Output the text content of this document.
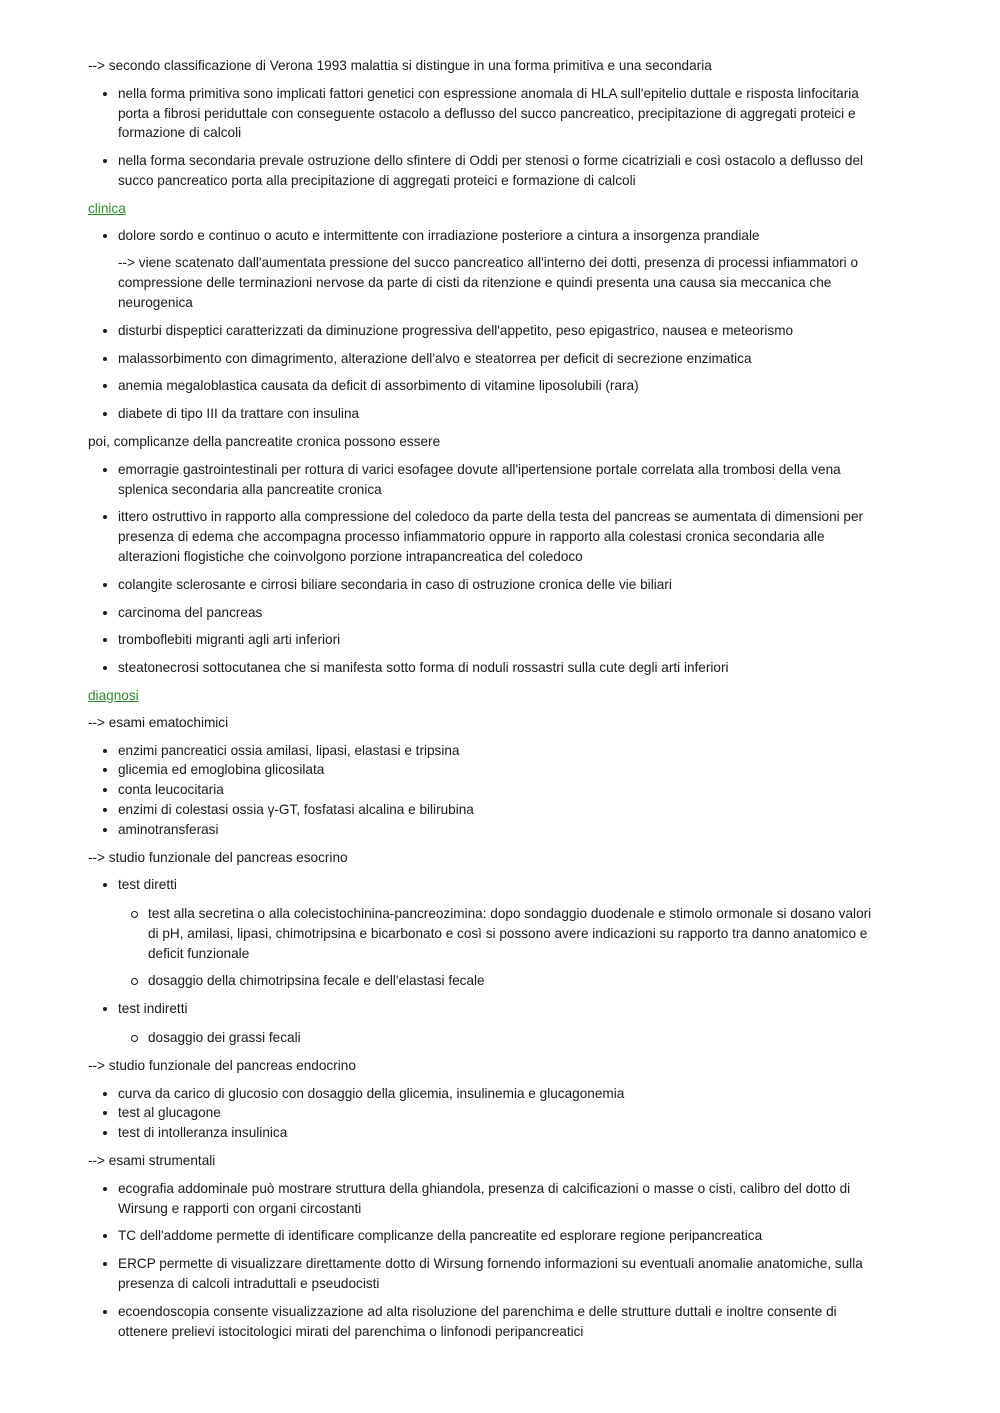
--> secondo classificazione di Verona 1993 malattia si distingue in una forma primitiva e una secondaria

nella forma primitiva sono implicati fattori genetici con espressione anomala di HLA sull'epitelio duttale e risposta linfocitaria porta a fibrosi periduttale con conseguente ostacolo a deflusso del succo pancreatico, precipitazione di aggregati proteici e formazione di calcoli
nella forma secondaria prevale ostruzione dello sfintere di Oddi per stenosi o forme cicatriziali e così ostacolo a deflusso del succo pancreatico porta alla precipitazione di aggregati proteici e formazione di calcoli

clinica

dolore sordo e continuo o acuto e intermittente con irradiazione posteriore a cintura a insorgenza prandiale

--> viene scatenato dall'aumentata pressione del succo pancreatico all'interno dei dotti, presenza di processi infiammatori o compressione delle terminazioni nervose da parte di cisti da ritenzione e quindi presenta una causa sia meccanica che neurogenica

disturbi dispeptici caratterizzati da diminuzione progressiva dell'appetito, peso epigastrico, nausea e meteorismo
malassorbimento con dimagrimento, alterazione dell'alvo e steatorrea per deficit di secrezione enzimatica
anemia megaloblastica causata da deficit di assorbimento di vitamine liposolubili (rara)
diabete di tipo III da trattare con insulina

poi, complicanze della pancreatite cronica possono essere

emorragie gastrointestinali per rottura di varici esofagee dovute all'ipertensione portale correlata alla trombosi della vena splenica secondaria alla pancreatite cronica
ittero ostruttivo in rapporto alla compressione del coledoco da parte della testa del pancreas se aumentata di dimensioni per presenza di edema che accompagna processo infiammatorio oppure in rapporto alla colestasi cronica secondaria alle alterazioni flogistiche che coinvolgono porzione intrapancreatica del coledoco
colangite sclerosante e cirrosi biliare secondaria in caso di ostruzione cronica delle vie biliari
carcinoma del pancreas
tromboflebiti migranti agli arti inferiori
steatonecrosi sottocutanea che si manifesta sotto forma di noduli rossastri sulla cute degli arti inferiori

diagnosi

--> esami ematochimici

enzimi pancreatici ossia amilasi, lipasi, elastasi e tripsina
glicemia ed emoglobina glicosilata
conta leucocitaria
enzimi di colestasi ossia γ-GT, fosfatasi alcalina e bilirubina
aminotransferasi

--> studio funzionale del pancreas esocrino

test diretti
test alla secretina o alla colecistochinina-pancreozimina: dopo sondaggio duodenale e stimolo ormonale si dosano valori di pH, amilasi, lipasi, chimotripsina e bicarbonato e così si possono avere indicazioni su rapporto tra danno anatomico e deficit funzionale
dosaggio della chimotripsina fecale e dell'elastasi fecale
test indiretti
dosaggio dei grassi fecali

--> studio funzionale del pancreas endocrino

curva da carico di glucosio con dosaggio della glicemia, insulinemia e glucagonemia
test al glucagone
test di intolleranza insulinica

--> esami strumentali

ecografia addominale può mostrare struttura della ghiandola, presenza di calcificazioni o masse o cisti, calibro del dotto di Wirsung e rapporti con organi circostanti
TC dell'addome permette di identificare complicanze della pancreatite ed esplorare regione peripancreatica
ERCP permette di visualizzare direttamente dotto di Wirsung fornendo informazioni su eventuali anomalie anatomiche, sulla presenza di calcoli intraduttali e pseudocisti
ecoendoscopia consente visualizzazione ad alta risoluzione del parenchima e delle strutture duttali e inoltre consente di ottenere prelievi istocitologici mirati del parenchima o linfonodi peripancreatici
